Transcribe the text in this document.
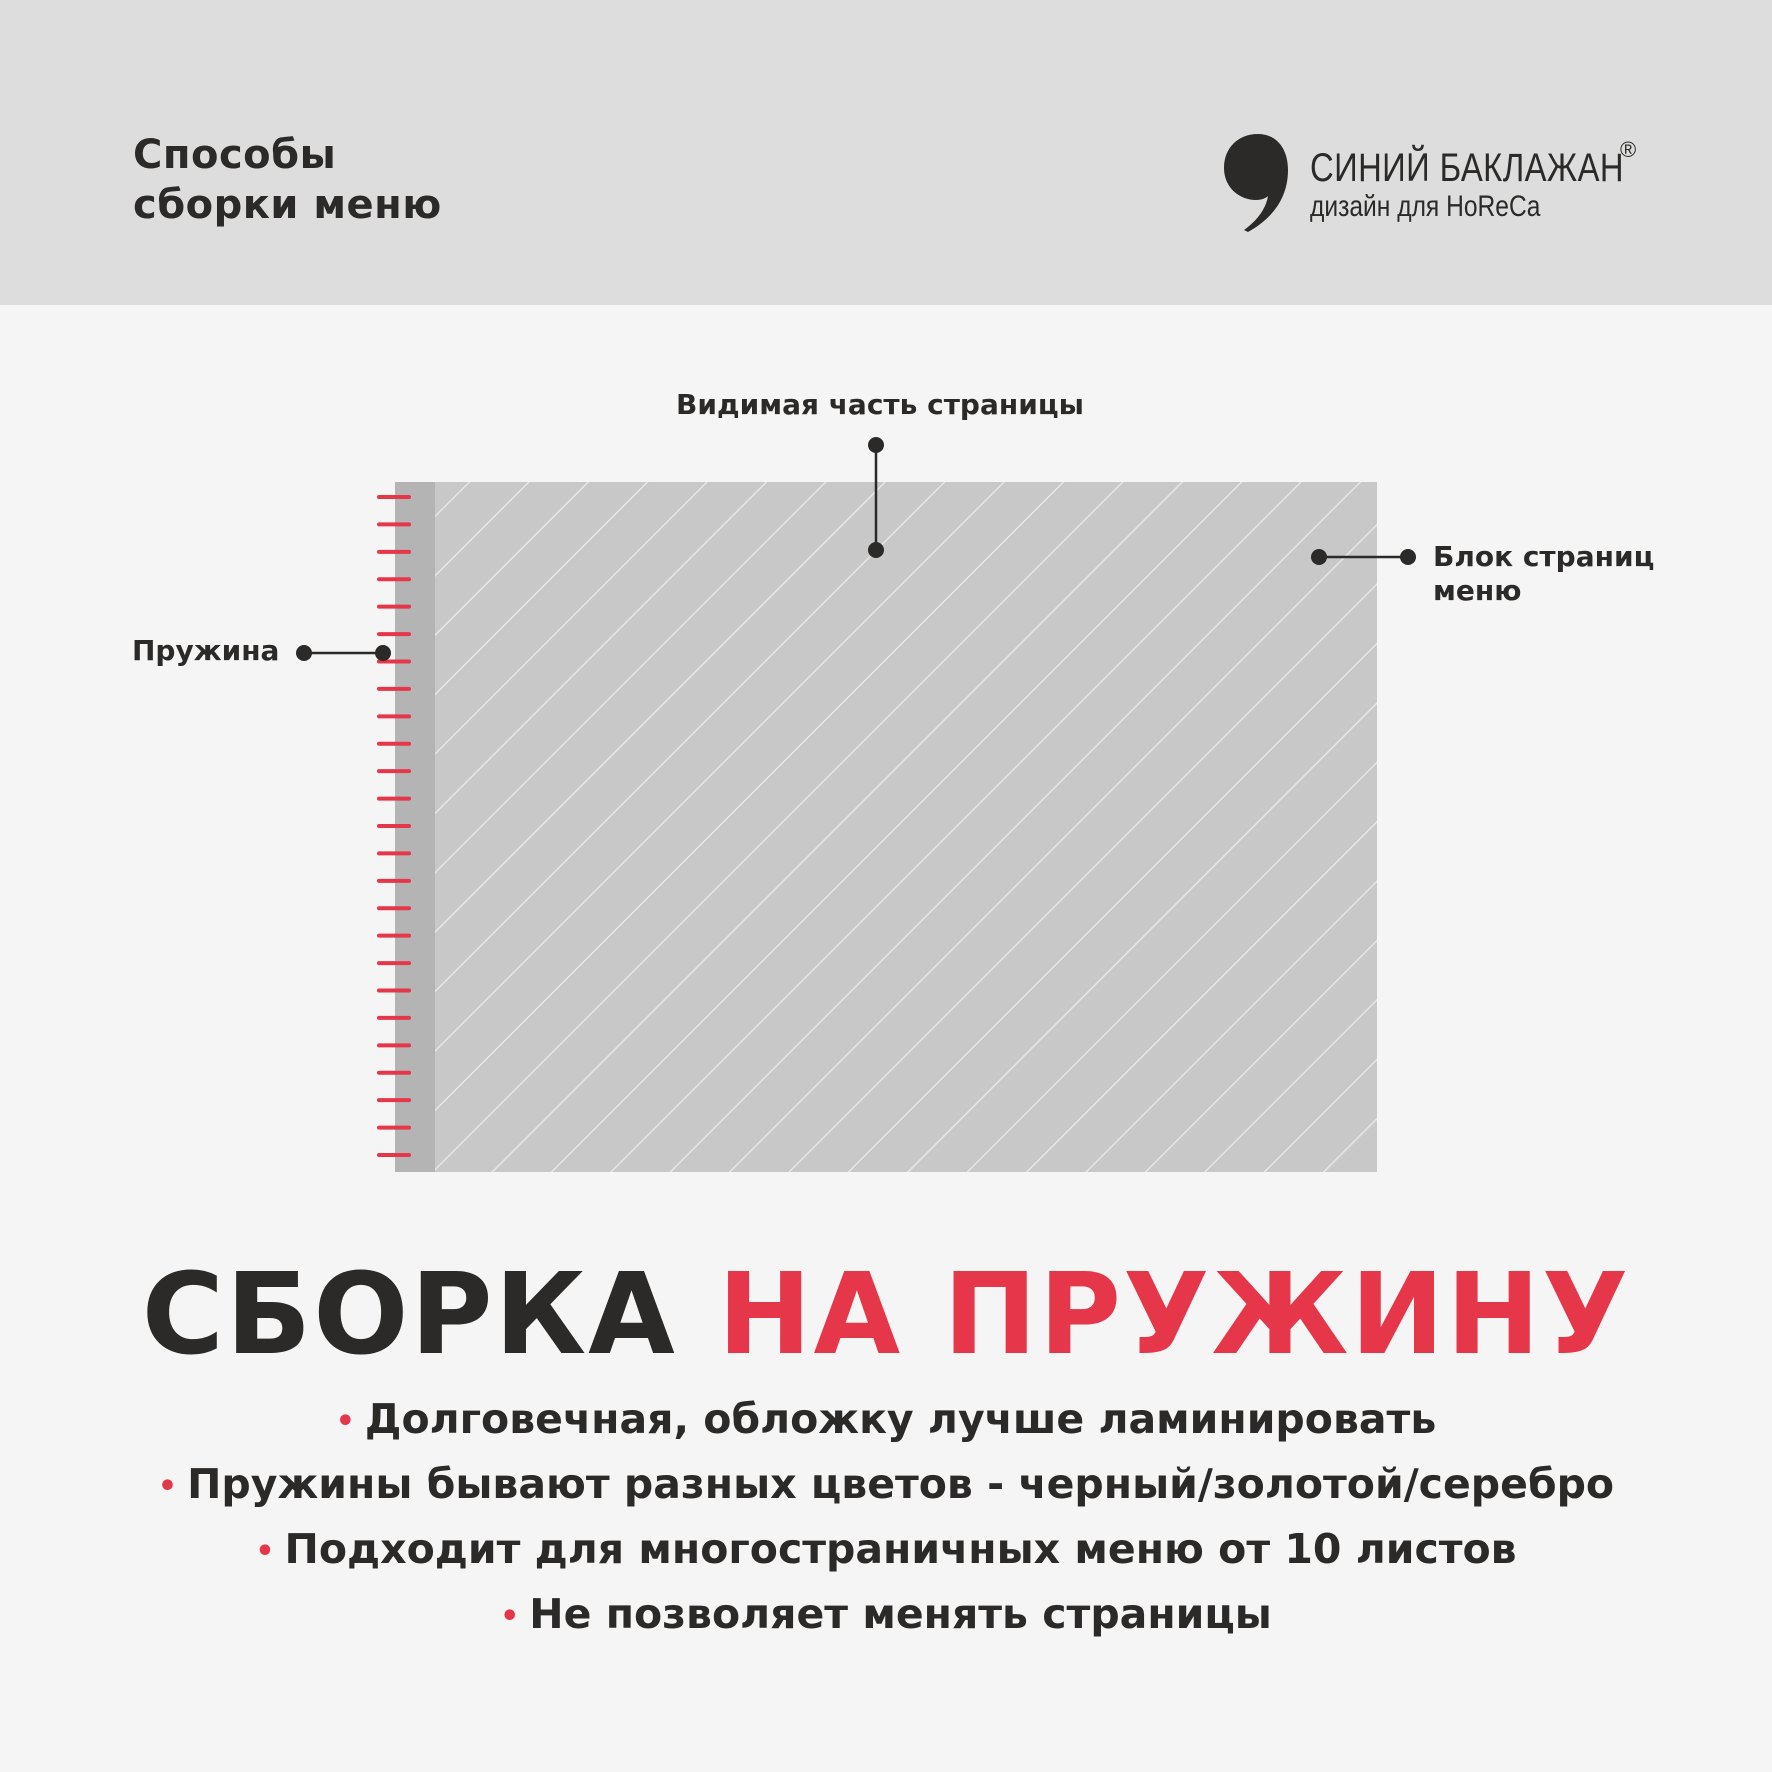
Способы
сборки меню
СИНИЙ БАКЛАЖАН
®
дизайн для HoReCa
Видимая часть страницы
Блок страниц
меню
Пружина
СБОРКА НА ПРУЖИНУ
• Долговечная, обложку лучше ламинировать
• Пружины бывают разных цветов - черный/золотой/серебро
• Подходит для многостраничных меню от 10 листов
• Не позволяет менять страницы
